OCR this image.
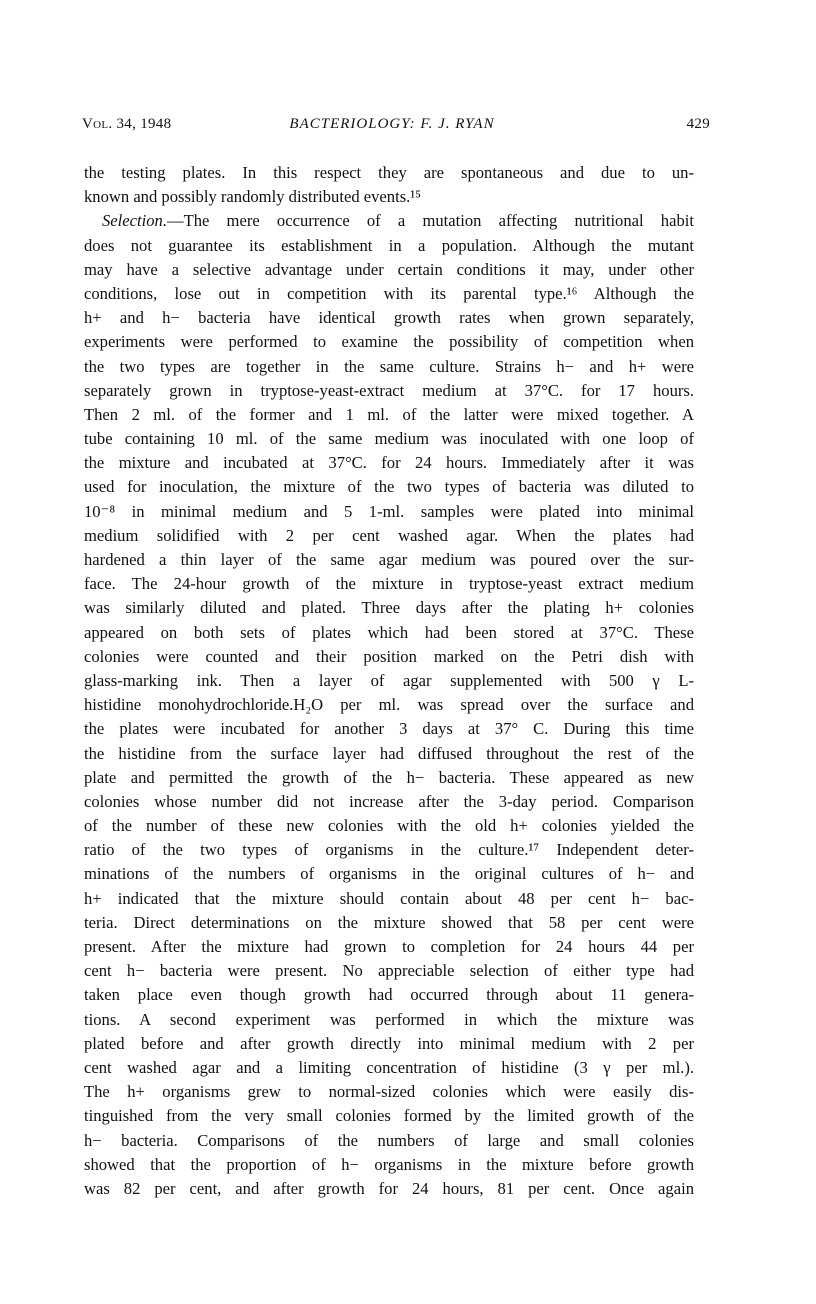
Vol. 34, 1948	BACTERIOLOGY: F. J. RYAN	429
the testing plates. In this respect they are spontaneous and due to un-
known and possibly randomly distributed events.¹⁵
Selection.—The mere occurrence of a mutation affecting nutritional habit
does not guarantee its establishment in a population. Although the mutant
may have a selective advantage under certain conditions it may, under other
conditions, lose out in competition with its parental type.¹⁶ Although the
h+ and h− bacteria have identical growth rates when grown separately,
experiments were performed to examine the possibility of competition when
the two types are together in the same culture. Strains h− and h+ were
separately grown in tryptose-yeast-extract medium at 37°C. for 17 hours.
Then 2 ml. of the former and 1 ml. of the latter were mixed together. A
tube containing 10 ml. of the same medium was inoculated with one loop of
the mixture and incubated at 37°C. for 24 hours. Immediately after it was
used for inoculation, the mixture of the two types of bacteria was diluted to
10⁻⁸ in minimal medium and 5 1-ml. samples were plated into minimal
medium solidified with 2 per cent washed agar. When the plates had
hardened a thin layer of the same agar medium was poured over the sur-
face. The 24-hour growth of the mixture in tryptose-yeast extract medium
was similarly diluted and plated. Three days after the plating h+ colonies
appeared on both sets of plates which had been stored at 37°C. These
colonies were counted and their position marked on the Petri dish with
glass-marking ink. Then a layer of agar supplemented with 500 γ L-
histidine monohydrochloride.H₂O per ml. was spread over the surface and
the plates were incubated for another 3 days at 37° C. During this time
the histidine from the surface layer had diffused throughout the rest of the
plate and permitted the growth of the h− bacteria. These appeared as new
colonies whose number did not increase after the 3-day period. Comparison
of the number of these new colonies with the old h+ colonies yielded the
ratio of the two types of organisms in the culture.¹⁷ Independent deter-
minations of the numbers of organisms in the original cultures of h− and
h+ indicated that the mixture should contain about 48 per cent h− bac-
teria. Direct determinations on the mixture showed that 58 per cent were
present. After the mixture had grown to completion for 24 hours 44 per
cent h− bacteria were present. No appreciable selection of either type had
taken place even though growth had occurred through about 11 genera-
tions. A second experiment was performed in which the mixture was
plated before and after growth directly into minimal medium with 2 per
cent washed agar and a limiting concentration of histidine (3 γ per ml.).
The h+ organisms grew to normal-sized colonies which were easily dis-
tinguished from the very small colonies formed by the limited growth of the
h− bacteria. Comparisons of the numbers of large and small colonies
showed that the proportion of h− organisms in the mixture before growth
was 82 per cent, and after growth for 24 hours, 81 per cent. Once again
